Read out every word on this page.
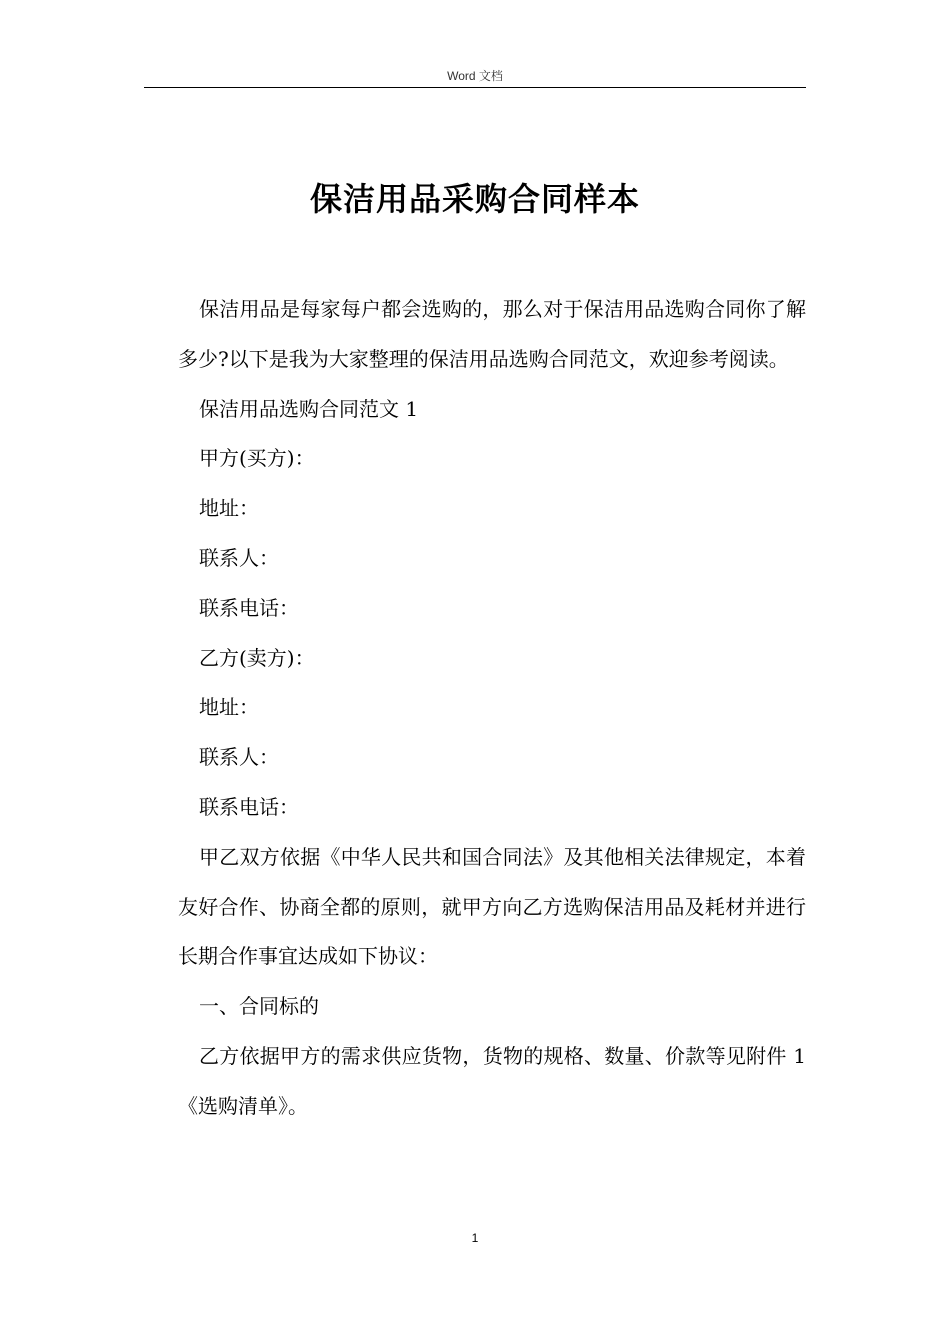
Word 文档
保洁用品采购合同样本

保洁用品是每家每户都会选购的，那么对于保洁用品选购合同你了解多少?以下是我为大家整理的保洁用品选购合同范文，欢迎参考阅读。

保洁用品选购合同范文 1

甲方(买方)：

地址：

联系人：

联系电话：

乙方(卖方)：

地址：

联系人：

联系电话：

甲乙双方依据《中华人民共和国合同法》及其他相关法律规定，本着友好合作、协商全都的原则，就甲方向乙方选购保洁用品及耗材并进行长期合作事宜达成如下协议：

一、合同标的

乙方依据甲方的需求供应货物，货物的规格、数量、价款等见附件 1《选购清单》。

1
